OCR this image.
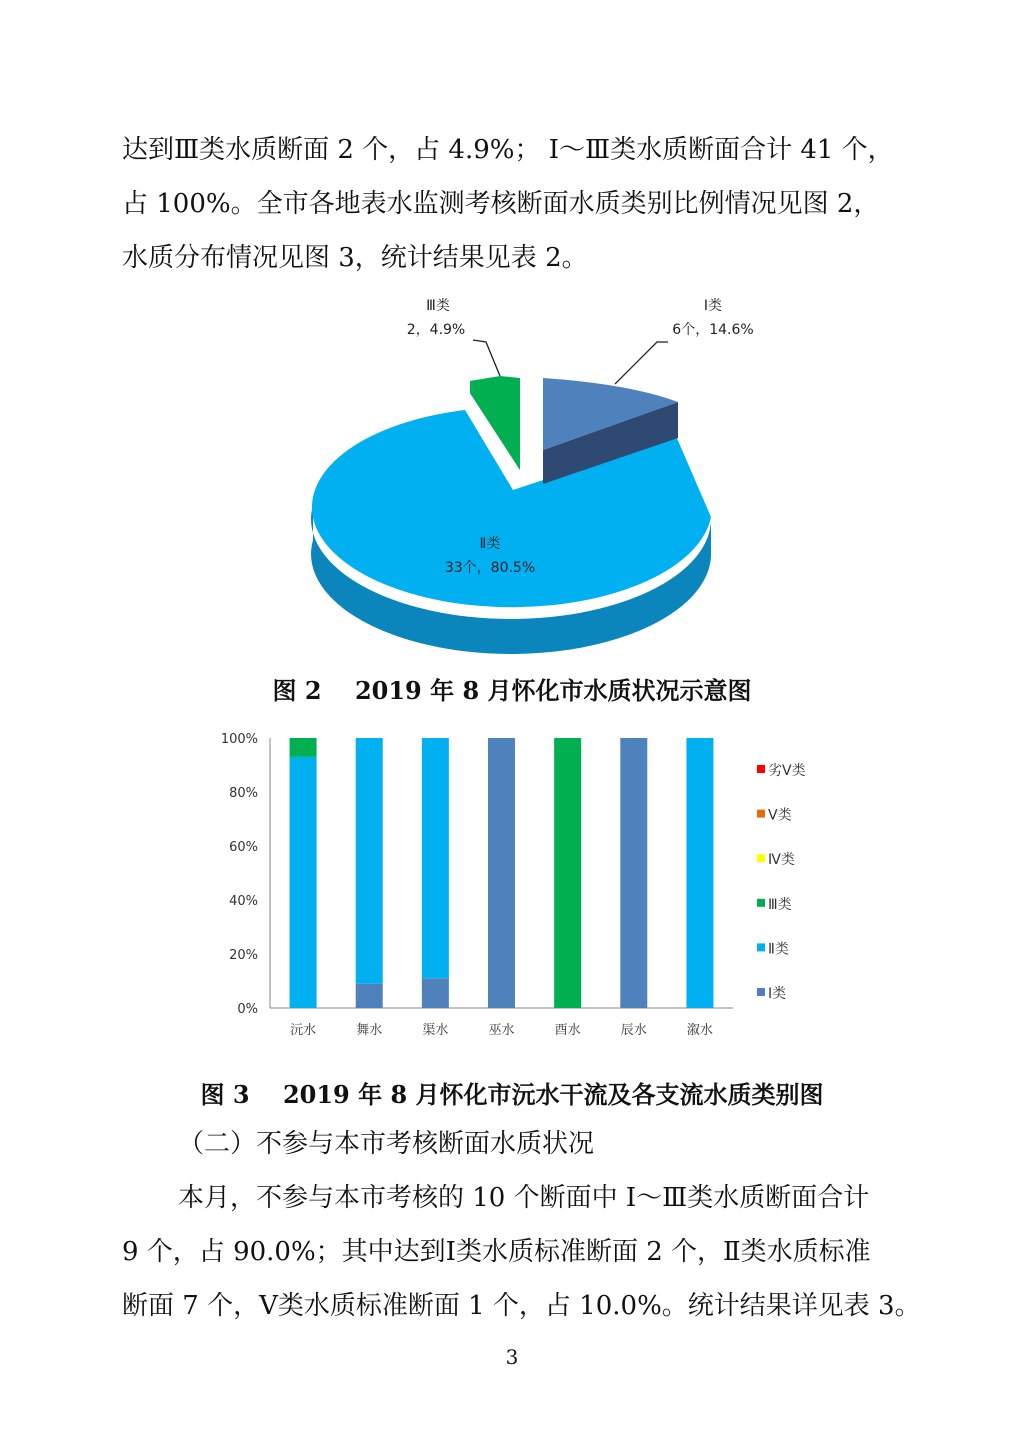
达到Ⅲ类水质断面 2 个，占 4.9%； Ⅰ～Ⅲ类水质断面合计 41 个，
占 100%。全市各地表水监测考核断面水质类别比例情况见图 2，
水质分布情况见图 3，统计结果见表 2。
Ⅲ类
2，4.9%
Ⅰ类
6个，14.6%
Ⅱ类
33个，80.5%
100%
80%
60%
40%
20%
0%
沅水	舞水	渠水	巫水	酉水	辰水	溆水
劣Ⅴ类
Ⅴ类
Ⅳ类
Ⅲ类
Ⅱ类
Ⅰ类
图 2    2019 年 8 月怀化市水质状况示意图
图 3    2019 年 8 月怀化市沅水干流及各支流水质类别图
（二）不参与本市考核断面水质状况
本月，不参与本市考核的 10 个断面中 Ⅰ～Ⅲ类水质断面合计
9 个，占 90.0%；其中达到Ⅰ类水质标准断面 2 个，Ⅱ类水质标准
断面 7 个，Ⅴ类水质标准断面 1 个，占 10.0%。统计结果详见表 3。
3
